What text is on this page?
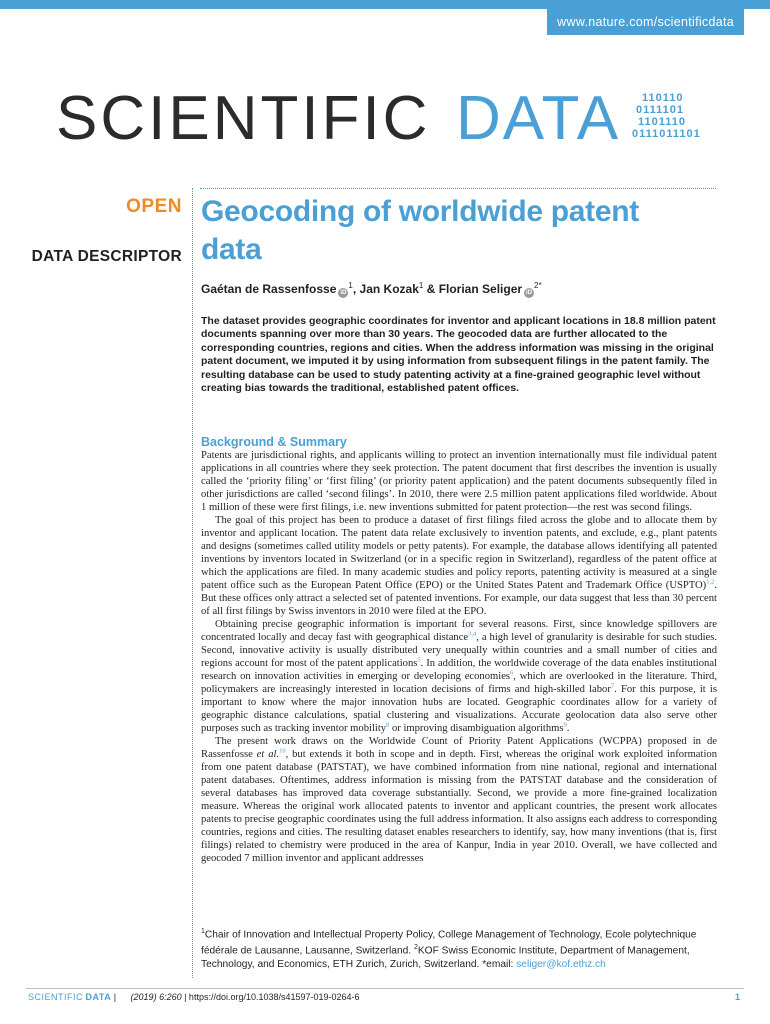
www.nature.com/scientificdata
SCIENTIFIC DATA 110110
0111101
1101110
0111011101
OPEN
DATA DESCRIPTOR
Geocoding of worldwide patent data
Gaétan de Rassenfosse $iD^1$, Jan Kozak$^1$ & Florian Seliger $iD^{2*}$

The dataset provides geographic coordinates for inventor and applicant locations in 18.8 million patent documents spanning over more than 30 years. The geocoded data are further allocated to the corresponding countries, regions and cities. When the address information was missing in the original patent document, we imputed it by using information from subsequent filings in the patent family. The resulting database can be used to study patenting activity at a fine-grained geographic level without creating bias towards the traditional, established patent offices.

Background & Summary

Patents are jurisdictional rights, and applicants willing to protect an invention internationally must file individual patent applications in all countries where they seek protection. The patent document that first describes the invention is usually called the ‘priority filing’ or ‘first filing’ (or priority patent application) and the patent documents subsequently filed in other jurisdictions are called ‘second filings’. In 2010, there were 2.5 million patent applications filed worldwide. About 1 million of these were first filings, i.e. new inventions submitted for patent protection—the rest was second filings.

The goal of this project has been to produce a dataset of first filings filed across the globe and to allocate them by inventor and applicant location. The patent data relate exclusively to invention patents, and exclude, e.g., plant patents and designs (sometimes called utility models or petty patents). For example, the database allows identifying all patented inventions by inventors located in Switzerland (or in a specific region in Switzerland), regardless of the patent office at which the applications are filed. In many academic studies and policy reports, patenting activity is measured at a single patent office such as the European Patent Office (EPO) or the United States Patent and Trademark Office (USPTO)$^{1,2}$. But these offices only attract a selected set of patented inventions. For example, our data suggest that less than 30 percent of all first filings by Swiss inventors in 2010 were filed at the EPO.

Obtaining precise geographic information is important for several reasons. First, since knowledge spillovers are concentrated locally and decay fast with geographical distance$^{3,4}$, a high level of granularity is desirable for such studies. Second, innovative activity is usually distributed very unequally within countries and a small number of cities and regions account for most of the patent applications$^5$. In addition, the worldwide coverage of the data enables institutional research on innovation activities in emerging or developing economies$^6$, which are overlooked in the literature. Third, policymakers are increasingly interested in location decisions of firms and high-skilled labor$^7$. For this purpose, it is important to know where the major innovation hubs are located. Geographic coordinates allow for a variety of geographic distance calculations, spatial clustering and visualizations. Accurate geolocation data also serve other purposes such as tracking inventor mobility$^8$ or improving disambiguation algorithms$^9$.

The present work draws on the Worldwide Count of Priority Patent Applications (WCPPA) proposed in de Rassenfosse et al.$^{10}$, but extends it both in scope and in depth. First, whereas the original work exploited information from one patent database (PATSTAT), we have combined information from nine national, regional and international patent databases. Oftentimes, address information is missing from the PATSTAT database and the consideration of several databases has improved data coverage substantially. Second, we provide a more fine-grained localization measure. Whereas the original work allocated patents to inventor and applicant countries, the present work allocates patents to precise geographic coordinates using the full address information. It also assigns each address to corresponding countries, regions and cities. The resulting dataset enables researchers to identify, say, how many inventions (that is, first filings) related to chemistry were produced in the area of Kanpur, India in year 2010. Overall, we have collected and geocoded 7 million inventor and applicant addresses

$^1$Chair of Innovation and Intellectual Property Policy, College Management of Technology, Ecole polytechnique fédérale de Lausanne, Lausanne, Switzerland. $^2$KOF Swiss Economic Institute, Department of Management, Technology, and Economics, ETH Zurich, Zurich, Switzerland. *email: seliger@kof.ethz.ch
SCIENTIFIC DATA | (2019) 6:260 | https://doi.org/10.1038/s41597-019-0264-6	1
